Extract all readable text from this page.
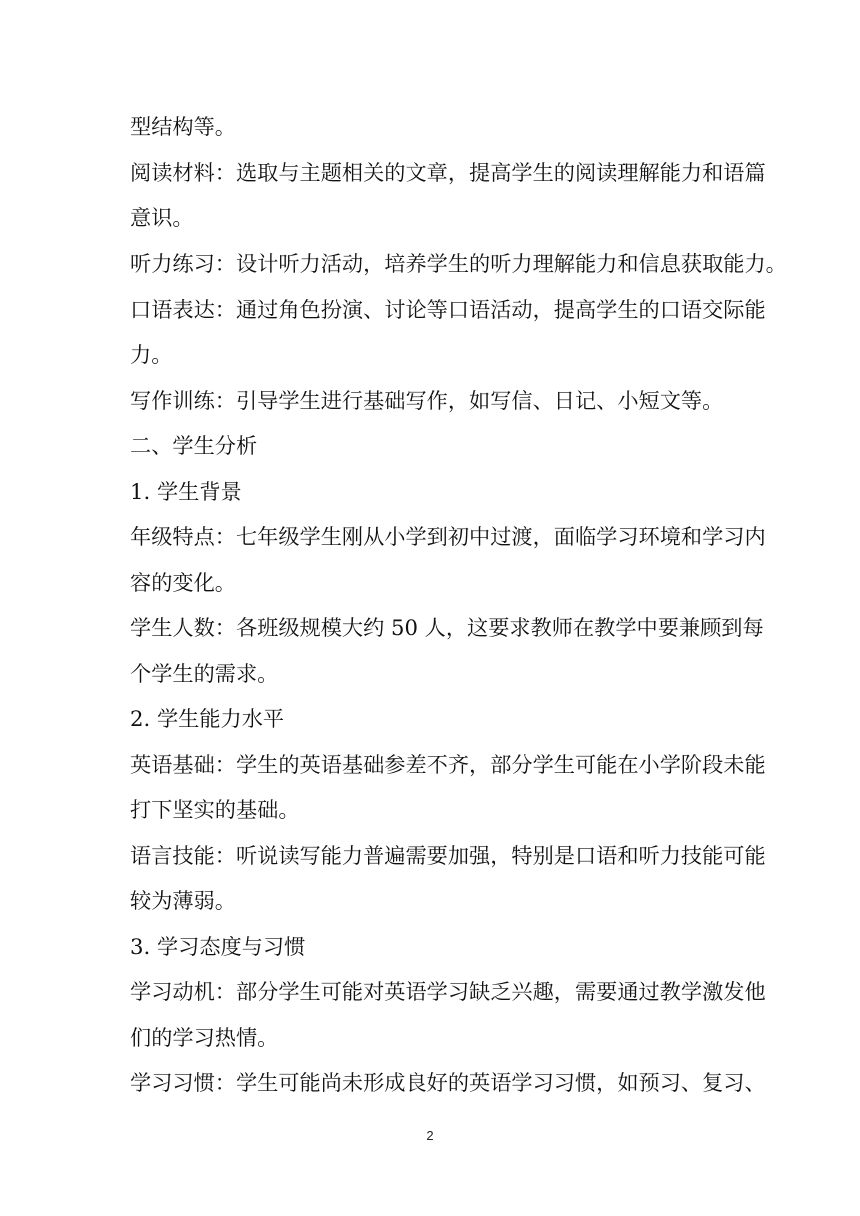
型结构等。
阅读材料：选取与主题相关的文章，提高学生的阅读理解能力和语篇
意识。
听力练习：设计听力活动，培养学生的听力理解能力和信息获取能力。
口语表达：通过角色扮演、讨论等口语活动，提高学生的口语交际能
力。
写作训练：引导学生进行基础写作，如写信、日记、小短文等。
二、学生分析
1. 学生背景
年级特点：七年级学生刚从小学到初中过渡，面临学习环境和学习内
容的变化。
学生人数：各班级规模大约 50 人，这要求教师在教学中要兼顾到每
个学生的需求。
2. 学生能力水平
英语基础：学生的英语基础参差不齐，部分学生可能在小学阶段未能
打下坚实的基础。
语言技能：听说读写能力普遍需要加强，特别是口语和听力技能可能
较为薄弱。
3. 学习态度与习惯
学习动机：部分学生可能对英语学习缺乏兴趣，需要通过教学激发他
们的学习热情。
学习习惯：学生可能尚未形成良好的英语学习习惯，如预习、复习、
2
